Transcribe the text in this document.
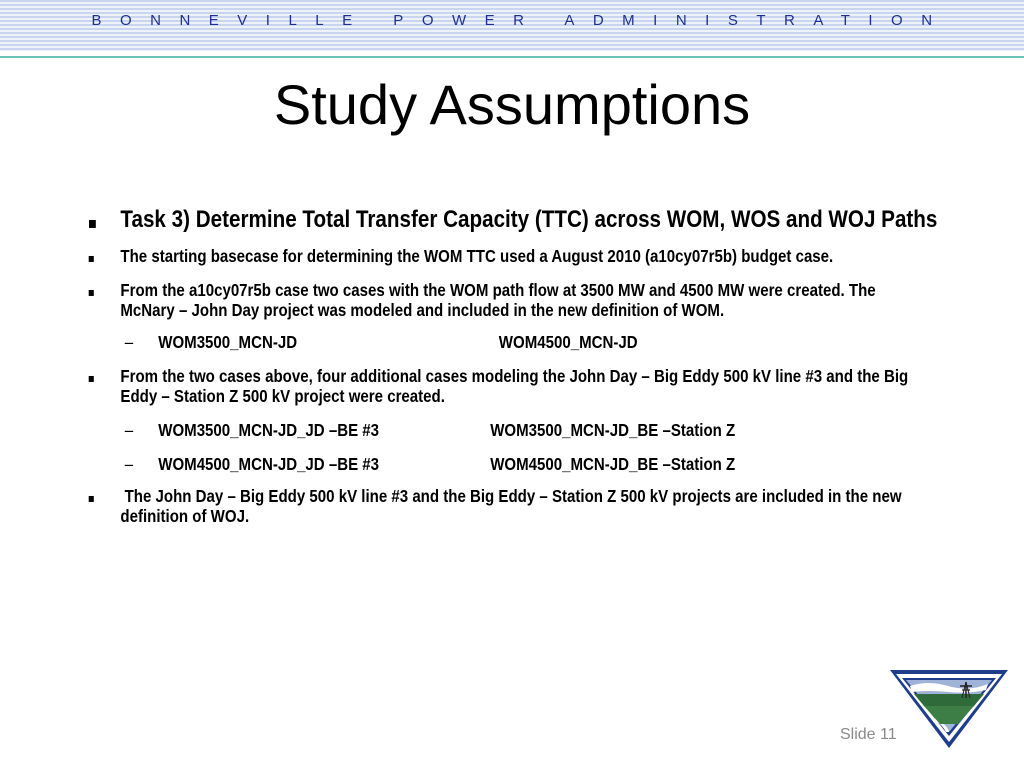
BONNEVILLE POWER ADMINISTRATION
Study Assumptions
▪ Task 3) Determine Total Transfer Capacity (TTC) across WOM, WOS and WOJ Paths
▪ The starting basecase for determining the WOM TTC used a August 2010 (a10cy07r5b) budget case.
▪ From the a10cy07r5b case two cases with the WOM path flow at 3500 MW and 4500 MW were created. The McNary – John Day project was modeled and included in the new definition of WOM.
– WOM3500_MCN-JD	WOM4500_MCN-JD
▪ From the two cases above, four additional cases modeling the John Day – Big Eddy 500 kV line #3 and the Big Eddy – Station Z 500 kV project were created.
– WOM3500_MCN-JD_JD –BE #3	WOM3500_MCN-JD_BE –Station Z
– WOM4500_MCN-JD_JD –BE #3	WOM4500_MCN-JD_BE –Station Z
▪ The John Day – Big Eddy 500 kV line #3 and the Big Eddy – Station Z 500 kV projects are included in the new definition of WOJ.
Slide 11
